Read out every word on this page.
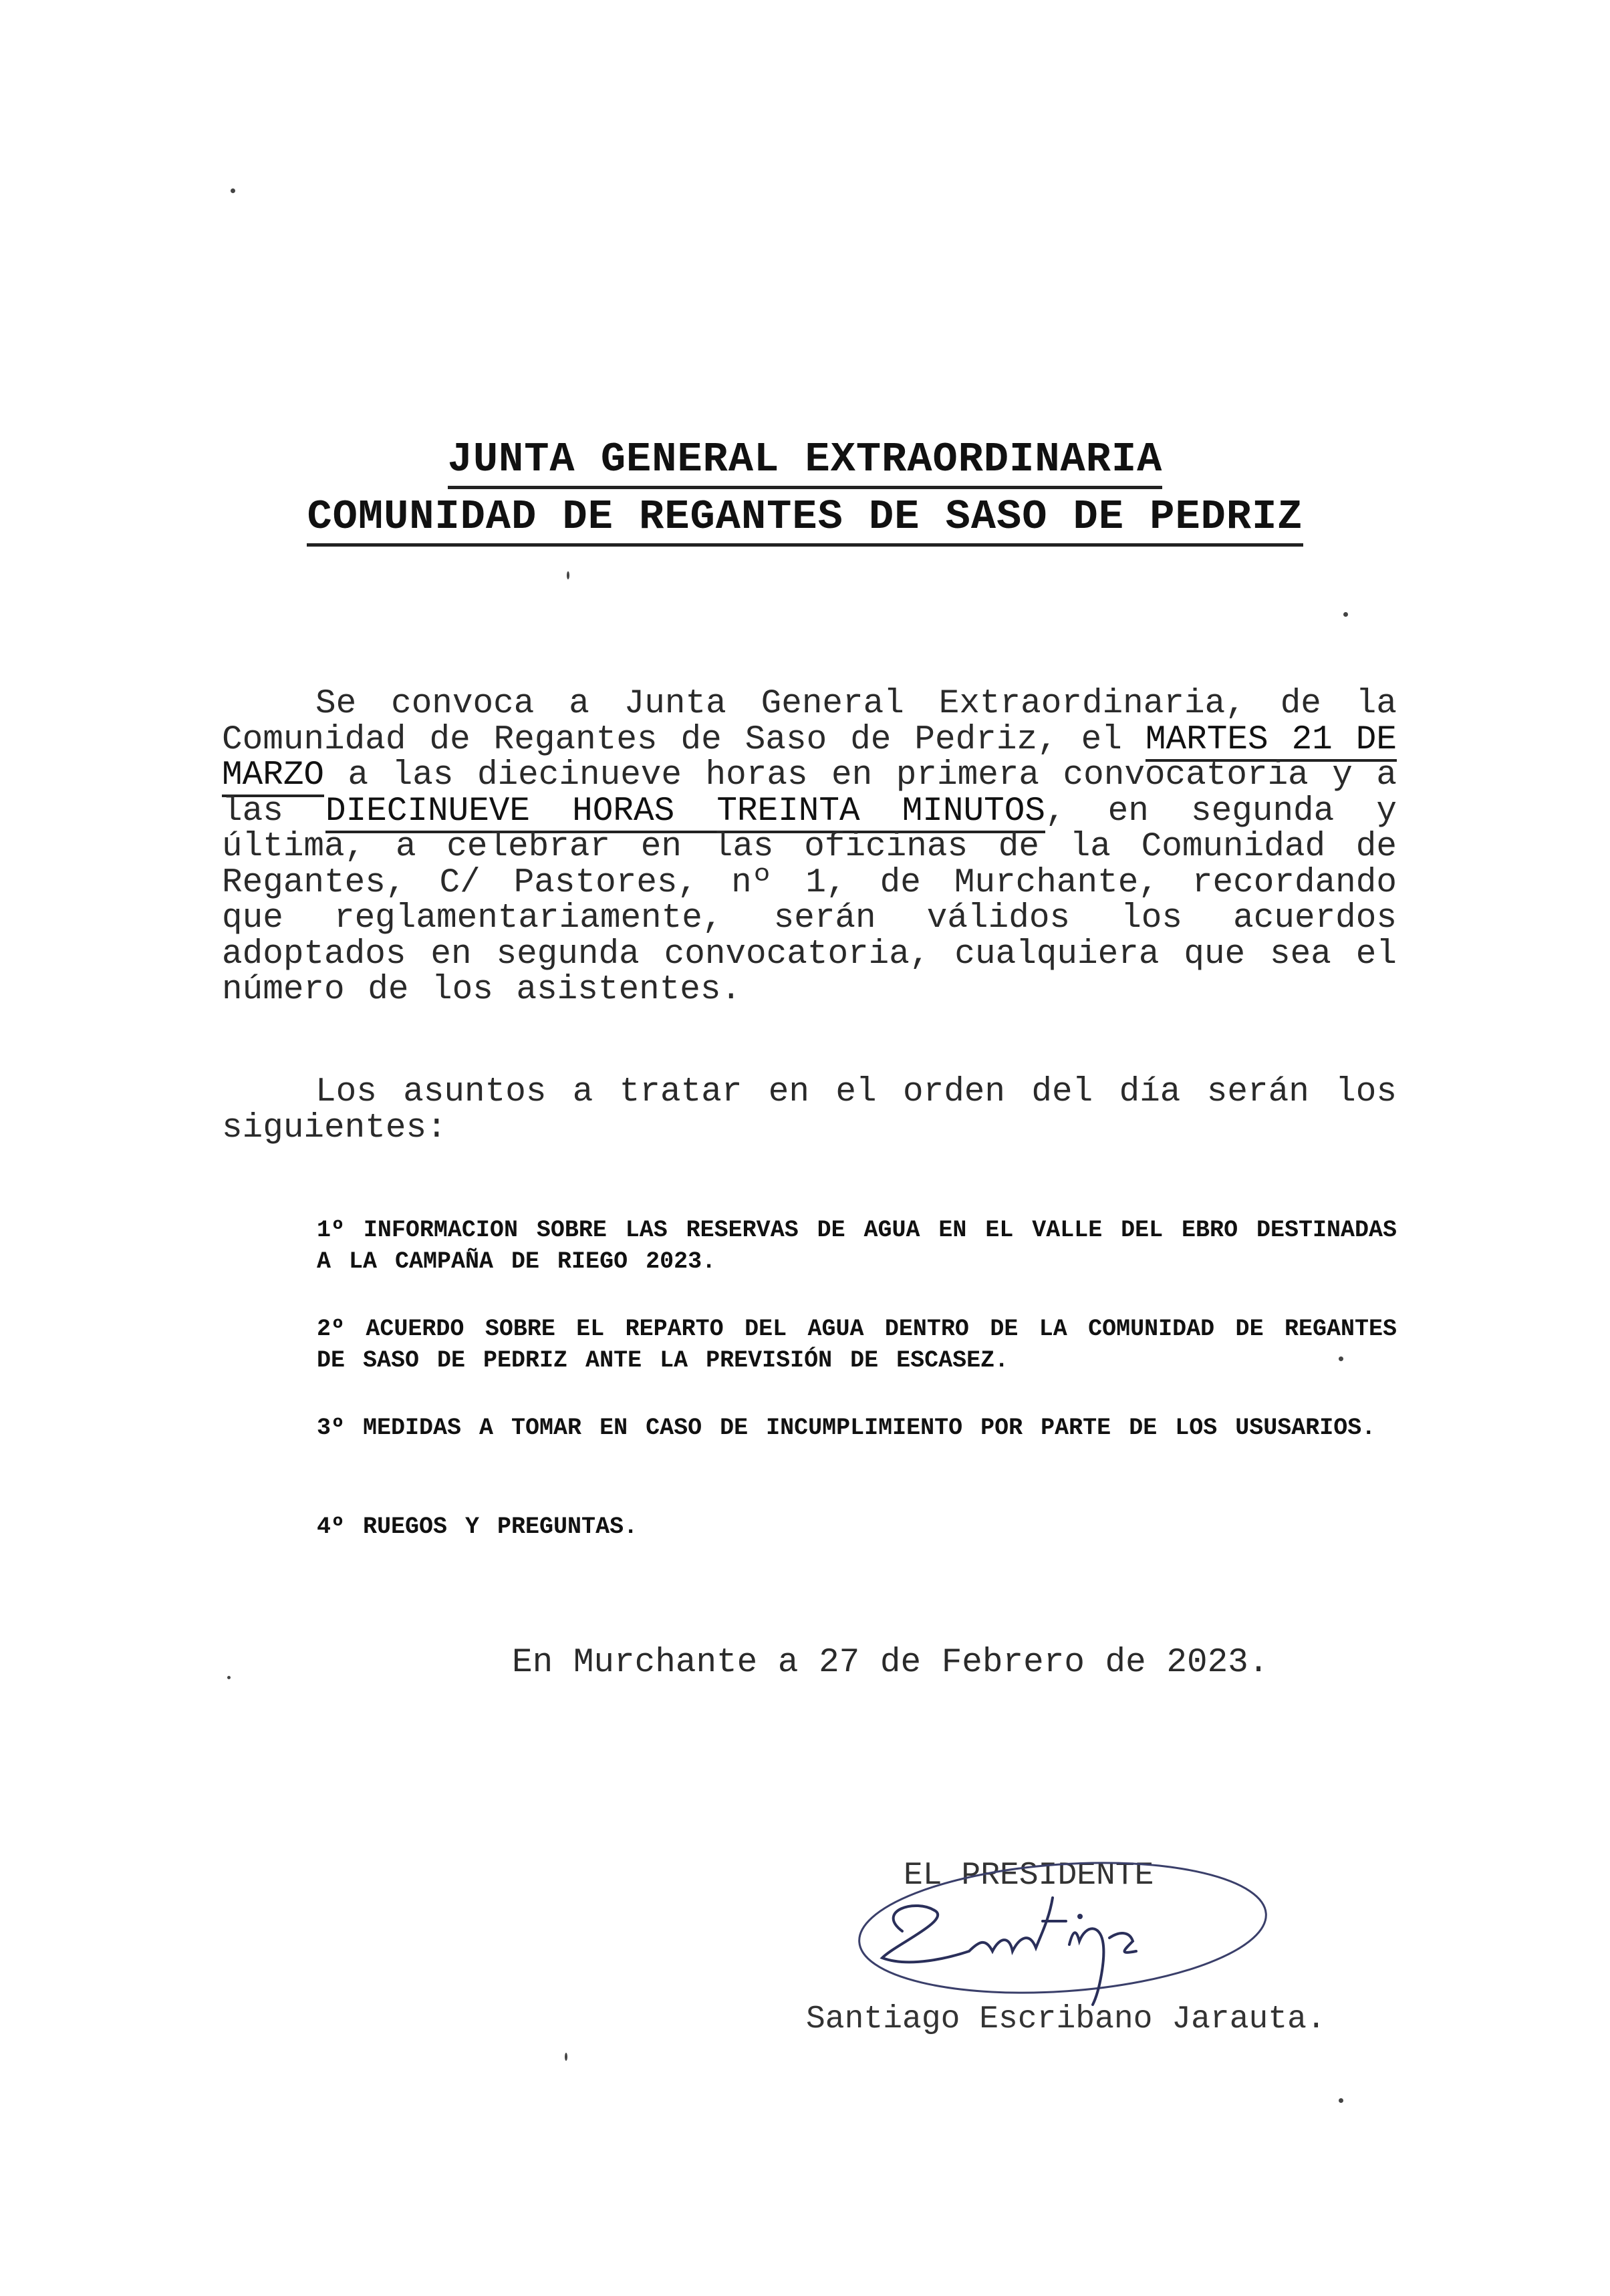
JUNTA GENERAL EXTRAORDINARIA
COMUNIDAD DE REGANTES DE SASO DE PEDRIZ
Se convoca a Junta General Extraordinaria, de la Comunidad de Regantes de Saso de Pedriz, el MARTES 21 DE MARZO a las diecinueve horas en primera convocatoria y a las DIECINUEVE HORAS TREINTA MINUTOS, en segunda y última, a celebrar en las oficinas de la Comunidad de Regantes, C/ Pastores, nº 1, de Murchante, recordando que reglamentariamente, serán válidos los acuerdos adoptados en segunda convocatoria, cualquiera que sea el número de los asistentes.
Los asuntos a tratar en el orden del día serán los siguientes:
1º INFORMACION SOBRE LAS RESERVAS DE AGUA EN EL VALLE DEL EBRO DESTINADAS A LA CAMPAÑA DE RIEGO 2023.
2º ACUERDO SOBRE EL REPARTO DEL AGUA DENTRO DE LA COMUNIDAD DE REGANTES DE SASO DE PEDRIZ ANTE LA PREVISIÓN DE ESCASEZ.
3º MEDIDAS A TOMAR EN CASO DE INCUMPLIMIENTO POR PARTE DE LOS USUSARIOS.
4º RUEGOS Y PREGUNTAS.
En Murchante a 27 de Febrero de 2023.
EL PRESIDENTE
Santiago Escribano Jarauta.
